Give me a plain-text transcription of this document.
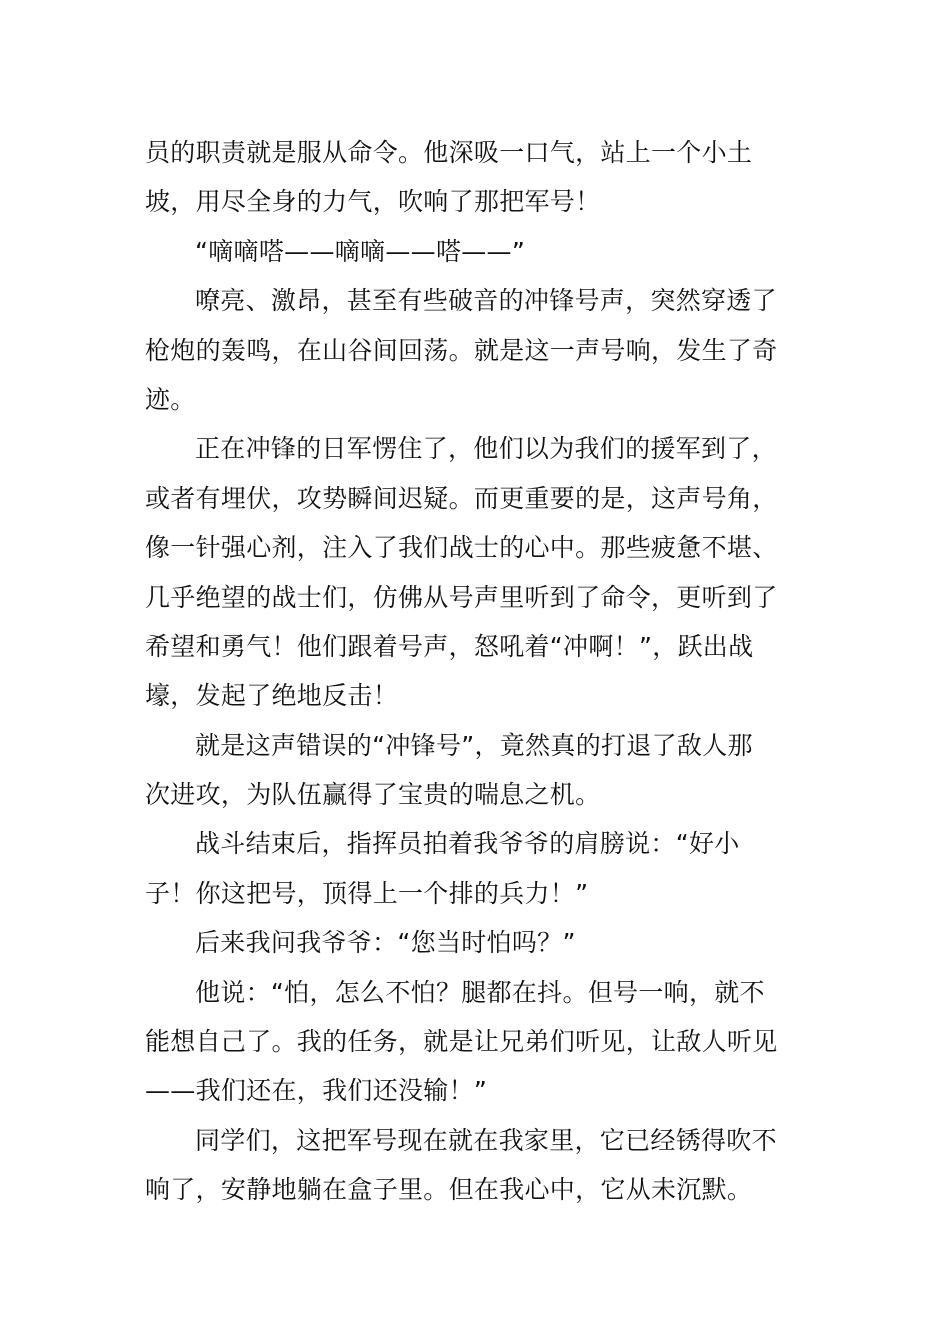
员的职责就是服从命令。他深吸一口气，站上一个小土
坡，用尽全身的力气，吹响了那把军号！
“嘀嘀嗒——嘀嘀——嗒——”
嘹亮、激昂，甚至有些破音的冲锋号声，突然穿透了
枪炮的轰鸣，在山谷间回荡。就是这一声号响，发生了奇
迹。
正在冲锋的日军愣住了，他们以为我们的援军到了，
或者有埋伏，攻势瞬间迟疑。而更重要的是，这声号角，
像一针强心剂，注入了我们战士的心中。那些疲惫不堪、
几乎绝望的战士们，仿佛从号声里听到了命令，更听到了
希望和勇气！他们跟着号声，怒吼着“冲啊！”，跃出战
壕，发起了绝地反击！
就是这声错误的“冲锋号”，竟然真的打退了敌人那
次进攻，为队伍赢得了宝贵的喘息之机。
战斗结束后，指挥员拍着我爷爷的肩膀说：“好小
子！你这把号，顶得上一个排的兵力！”
后来我问我爷爷：“您当时怕吗？”
他说：“怕，怎么不怕？腿都在抖。但号一响，就不
能想自己了。我的任务，就是让兄弟们听见，让敌人听见
——我们还在，我们还没输！”
同学们，这把军号现在就在我家里，它已经锈得吹不
响了，安静地躺在盒子里。但在我心中，它从未沉默。
